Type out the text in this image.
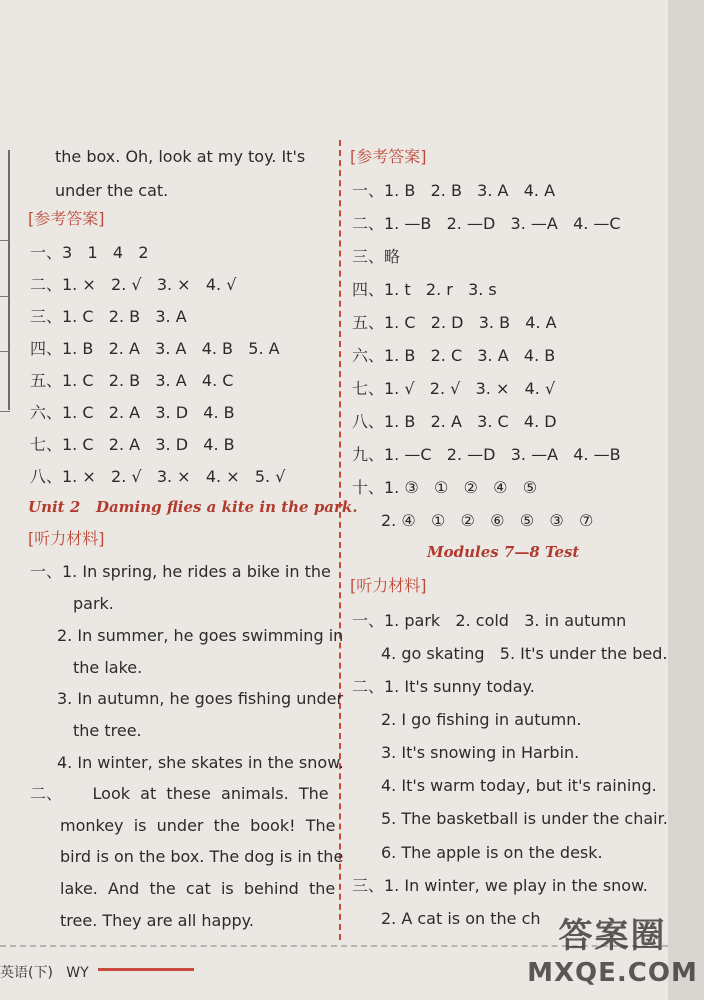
the box. Oh, look at my toy. It's
under the cat.
[参考答案]
一、3   1   4   2
二、1. ×   2. √   3. ×   4. √
三、1. C   2. B   3. A
四、1. B   2. A   3. A   4. B   5. A
五、1. C   2. B   3. A   4. C
六、1. C   2. A   3. D   4. B
七、1. C   2. A   3. D   4. B
八、1. ×   2. √   3. ×   4. ×   5. √
Unit 2   Daming flies a kite in the park.
[听力材料]
一、1. In spring, he rides a bike in the
park.
2. In summer, he goes swimming in
the lake.
3. In autumn, he goes fishing under
the tree.
4. In winter, she skates in the snow.
二、      Look  at  these  animals.  The
monkey  is  under  the  book!  The
bird is on the box. The dog is in the
lake.  And  the  cat  is  behind  the
tree. They are all happy.
[参考答案]
一、1. B   2. B   3. A   4. A
二、1. —B   2. —D   3. —A   4. —C
三、略
四、1. t   2. r   3. s
五、1. C   2. D   3. B   4. A
六、1. B   2. C   3. A   4. B
七、1. √   2. √   3. ×   4. √
八、1. B   2. A   3. C   4. D
九、1. —C   2. —D   3. —A   4. —B
十、1. ③   ①   ②   ④   ⑤
2. ④   ①   ②   ⑥   ⑤   ③   ⑦
Modules 7—8 Test
[听力材料]
一、1. park   2. cold   3. in autumn
4. go skating   5. It's under the bed.
二、1. It's sunny today.
2. I go fishing in autumn.
3. It's snowing in Harbin.
4. It's warm today, but it's raining.
5. The basketball is under the chair.
6. The apple is on the desk.
三、1. In winter, we play in the snow.
2. A cat is on the ch
英语(下)   WY
答案圈
MXQE.COM
